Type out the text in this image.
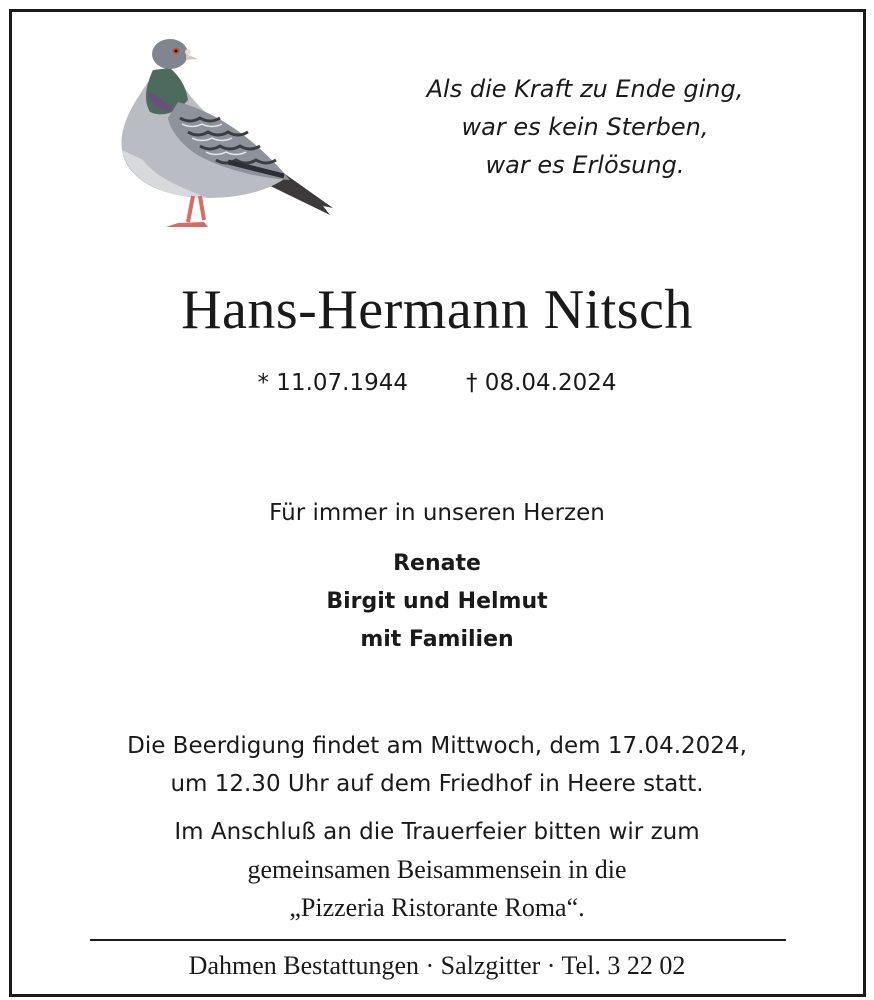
Als die Kraft zu Ende ging,
war es kein Sterben,
war es Erlösung.
Hans-Hermann Nitsch
* 11.07.1944	† 08.04.2024
Für immer in unseren Herzen
Renate
Birgit und Helmut
mit Familien
Die Beerdigung findet am Mittwoch, dem 17.04.2024,
um 12.30 Uhr auf dem Friedhof in Heere statt.
Im Anschluß an die Trauerfeier bitten wir zum
gemeinsamen Beisammensein in die
„Pizzeria Ristorante Roma“.
Dahmen Bestattungen · Salzgitter · Tel. 3 22 02
